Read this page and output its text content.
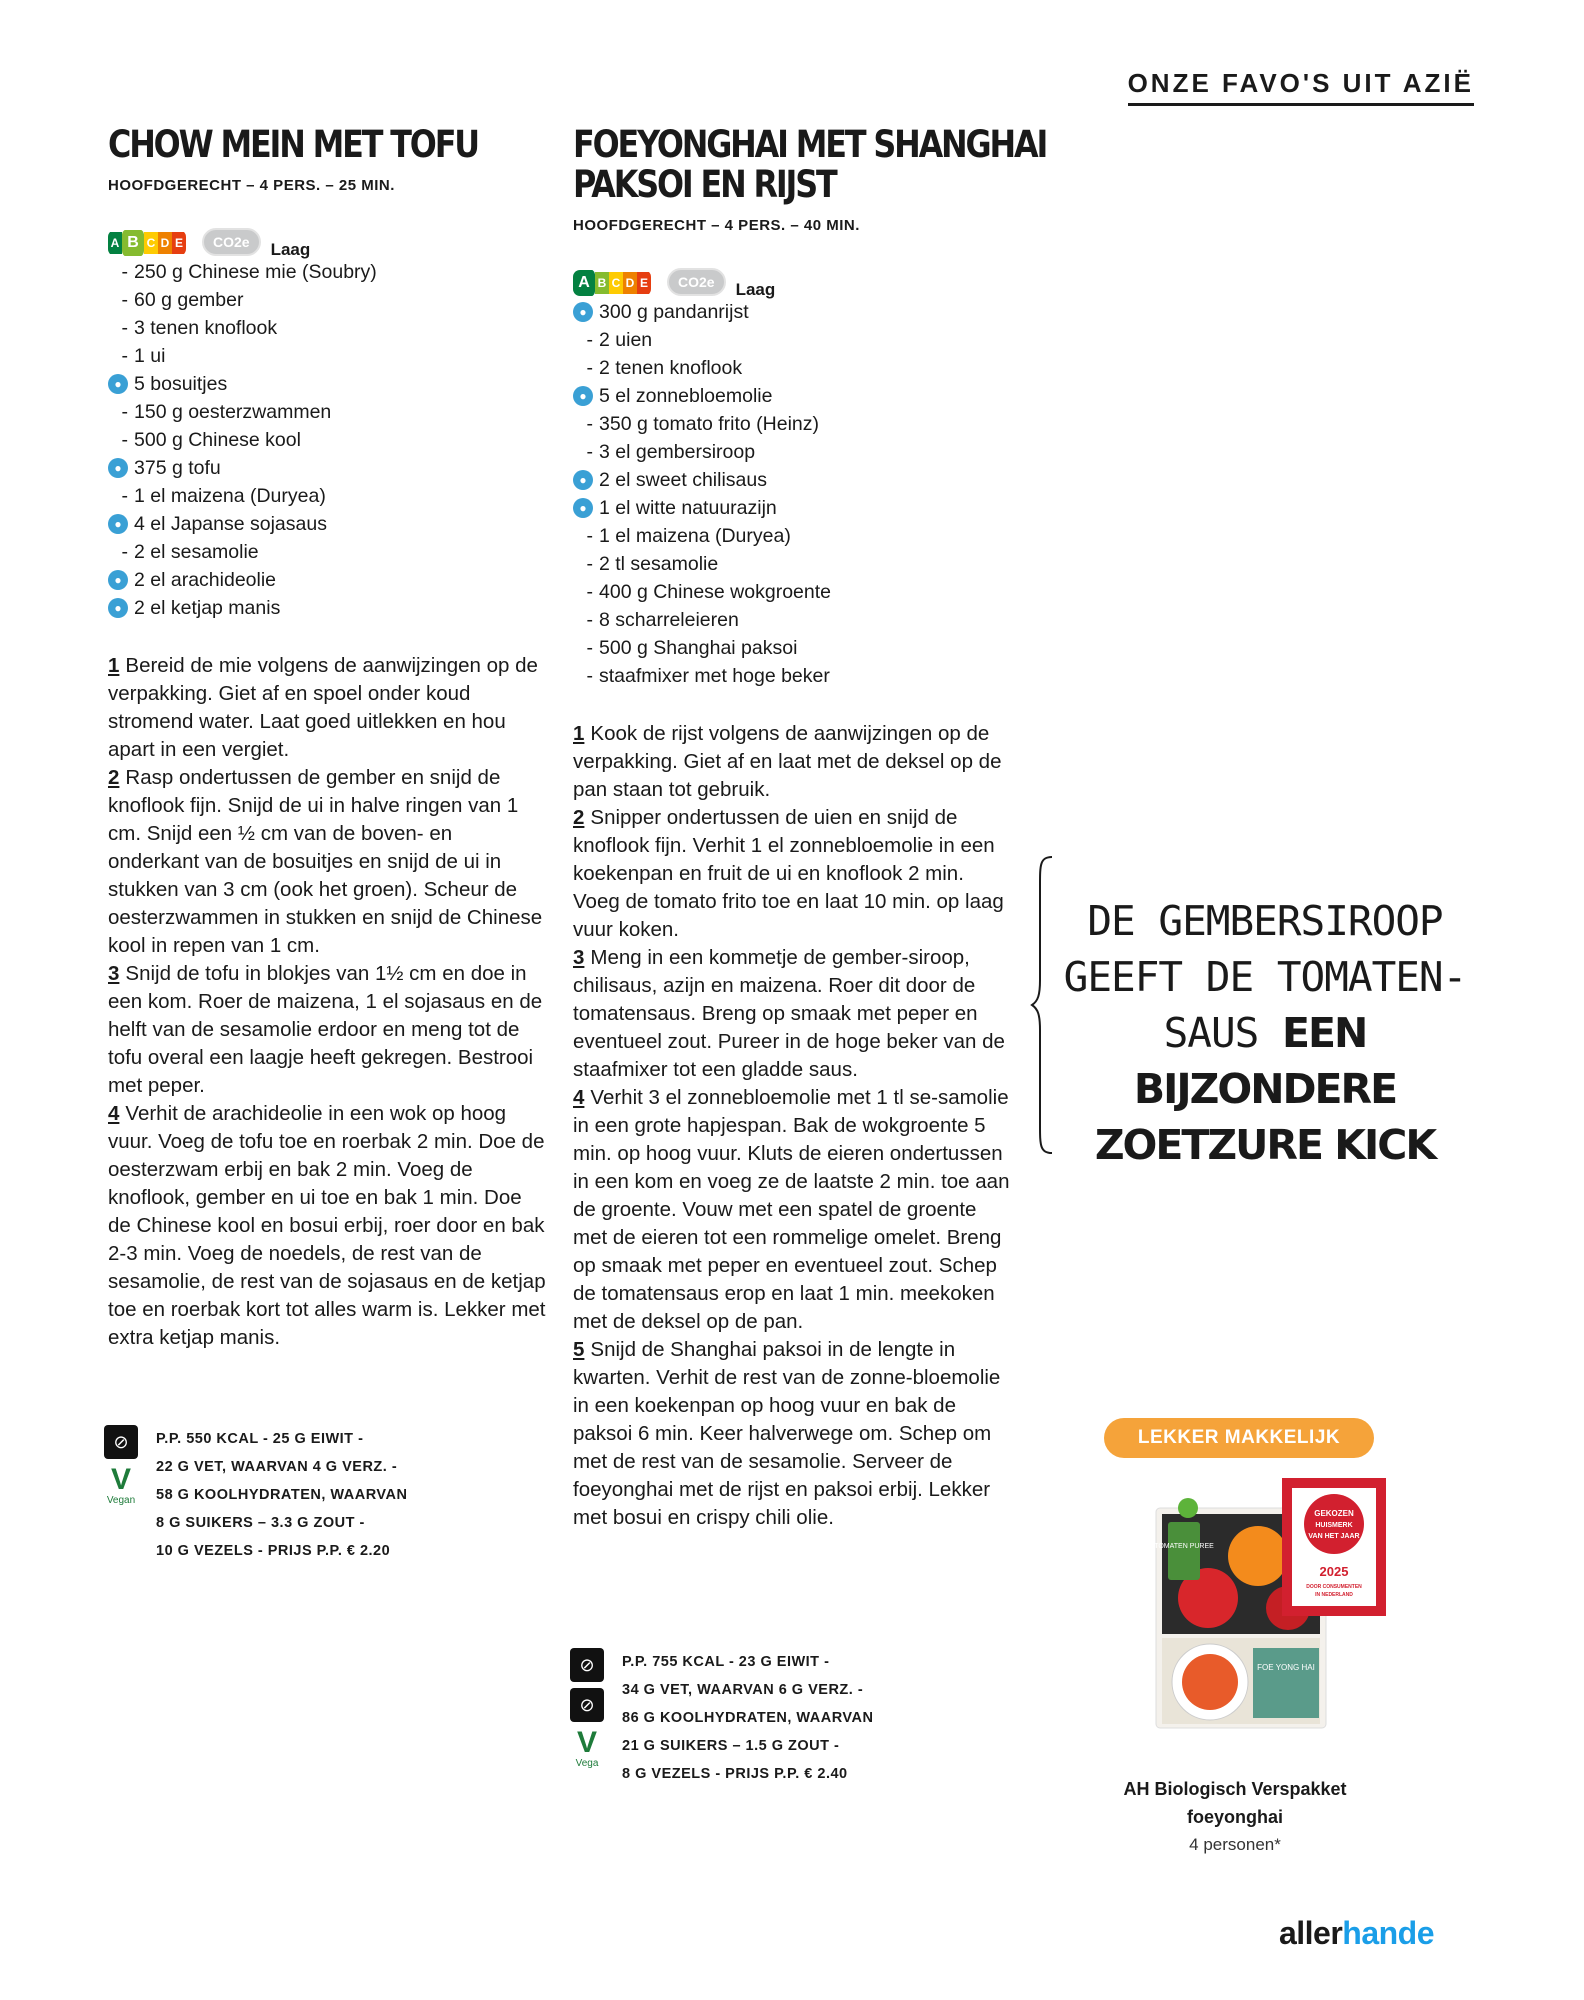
ONZE FAVO'S UIT AZIË
CHOW MEIN MET TOFU
HOOFDGERECHT – 4 PERS. – 25 MIN.
A B C D E	CO2e	Laag
- 250 g Chinese mie (Soubry)
- 60 g gember
- 3 tenen knoflook
- 1 ui
● 5 bosuitjes
- 150 g oesterzwammen
- 500 g Chinese kool
● 375 g tofu
- 1 el maizena (Duryea)
● 4 el Japanse sojasaus
- 2 el sesamolie
● 2 el arachideolie
● 2 el ketjap manis
1 Bereid de mie volgens de aanwijzingen op de verpakking. Giet af en spoel onder koud stromend water. Laat goed uitlekken en hou apart in een vergiet.
2 Rasp ondertussen de gember en snijd de knoflook fijn. Snijd de ui in halve ringen van 1 cm. Snijd een ½ cm van de boven- en onderkant van de bosuitjes en snijd de ui in stukken van 3 cm (ook het groen). Scheur de oesterzwammen in stukken en snijd de Chinese kool in repen van 1 cm.
3 Snijd de tofu in blokjes van 1½ cm en doe in een kom. Roer de maizena, 1 el sojasaus en de helft van de sesamolie erdoor en meng tot de tofu overal een laagje heeft gekregen. Bestrooi met peper.
4 Verhit de arachideolie in een wok op hoog vuur. Voeg de tofu toe en roerbak 2 min. Doe de oesterzwam erbij en bak 2 min. Voeg de knoflook, gember en ui toe en bak 1 min. Doe de Chinese kool en bosui erbij, roer door en bak 2-3 min. Voeg de noedels, de rest van de sesamolie, de rest van de sojasaus en de ketjap toe en roerbak kort tot alles warm is. Lekker met extra ketjap manis.
⊘
V
Vegan
P.P. 550 KCAL - 25 G EIWIT -
22 G VET, WAARVAN 4 G VERZ. -
58 G KOOLHYDRATEN, WAARVAN
8 G SUIKERS – 3.3 G ZOUT -
10 G VEZELS - PRIJS P.P. € 2.20
FOEYONGHAI MET SHANGHAI
PAKSOI EN RIJST
HOOFDGERECHT – 4 PERS. – 40 MIN.
A B C D E	CO2e	Laag
● 300 g pandanrijst
- 2 uien
- 2 tenen knoflook
● 5 el zonnebloemolie
- 350 g tomato frito (Heinz)
- 3 el gembersiroop
● 2 el sweet chilisaus
● 1 el witte natuurazijn
- 1 el maizena (Duryea)
- 2 tl sesamolie
- 400 g Chinese wokgroente
- 8 scharreleieren
- 500 g Shanghai paksoi
- staafmixer met hoge beker
1 Kook de rijst volgens de aanwijzingen op de verpakking. Giet af en laat met de deksel op de pan staan tot gebruik.
2 Snipper ondertussen de uien en snijd de knoflook fijn. Verhit 1 el zonnebloemolie in een koekenpan en fruit de ui en knoflook 2 min. Voeg de tomato frito toe en laat 10 min. op laag vuur koken.
3 Meng in een kommetje de gember-siroop, chilisaus, azijn en maizena. Roer dit door de tomatensaus. Breng op smaak met peper en eventueel zout. Pureer in de hoge beker van de staafmixer tot een gladde saus.
4 Verhit 3 el zonnebloemolie met 1 tl se-samolie in een grote hapjespan. Bak de wokgroente 5 min. op hoog vuur. Kluts de eieren ondertussen in een kom en voeg ze de laatste 2 min. toe aan de groente. Vouw met een spatel de groente met de eieren tot een rommelige omelet. Breng op smaak met peper en eventueel zout. Schep de tomatensaus erop en laat 1 min. meekoken met de deksel op de pan.
5 Snijd de Shanghai paksoi in de lengte in kwarten. Verhit de rest van de zonne-bloemolie in een koekenpan op hoog vuur en bak de paksoi 6 min. Keer halverwege om. Schep om met de rest van de sesamolie. Serveer de foeyonghai met de rijst en paksoi erbij. Lekker met bosui en crispy chili olie.
⊘
⊘
V
Vega
P.P. 755 KCAL - 23 G EIWIT -
34 G VET, WAARVAN 6 G VERZ. -
86 G KOOLHYDRATEN, WAARVAN
21 G SUIKERS – 1.5 G ZOUT -
8 G VEZELS - PRIJS P.P. € 2.40
DE GEMBERSIROOP
GEEFT DE TOMATEN-
SAUS EEN BIJZONDERE
ZOETZURE KICK
LEKKER MAKKELIJK
TOMATEN PUREE
FOE YONG HAI
GEKOZEN
HUISMERK
VAN HET JAAR
2025
DOOR CONSUMENTEN
IN NEDERLAND
AH Biologisch Verspakket
foeyonghai
4 personen*
allerhande
